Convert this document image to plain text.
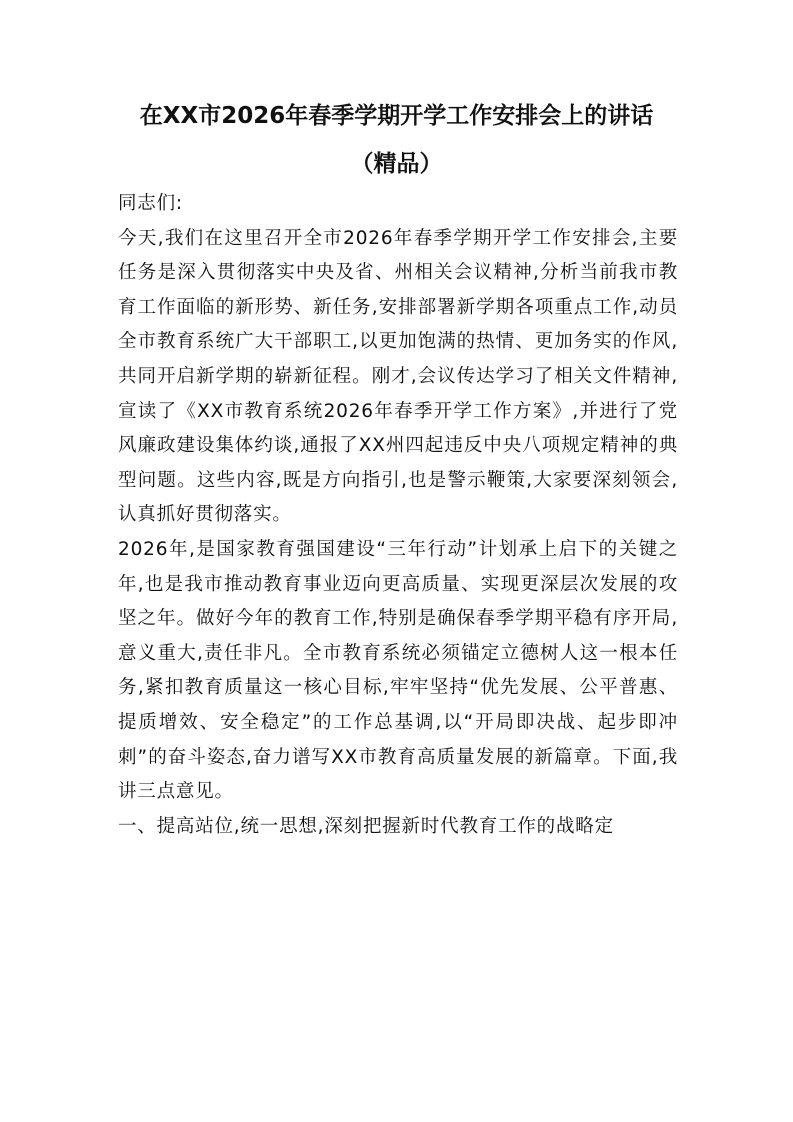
在XX市2026年春季学期开学工作安排会上的讲话
（精品）

同志们:

今天,我们在这里召开全市2026年春季学期开学工作安排会,主要任务是深入贯彻落实中央及省、州相关会议精神,分析当前我市教育工作面临的新形势、新任务,安排部署新学期各项重点工作,动员全市教育系统广大干部职工,以更加饱满的热情、更加务实的作风,共同开启新学期的崭新征程。刚才,会议传达学习了相关文件精神,宣读了《XX市教育系统2026年春季开学工作方案》,并进行了党风廉政建设集体约谈,通报了XX州四起违反中央八项规定精神的典型问题。这些内容,既是方向指引,也是警示鞭策,大家要深刻领会,认真抓好贯彻落实。

2026年,是国家教育强国建设“三年行动”计划承上启下的关键之年,也是我市推动教育事业迈向更高质量、实现更深层次发展的攻坚之年。做好今年的教育工作,特别是确保春季学期平稳有序开局,意义重大,责任非凡。全市教育系统必须锚定立德树人这一根本任务,紧扣教育质量这一核心目标,牢牢坚持“优先发展、公平普惠、提质增效、安全稳定”的工作总基调,以“开局即决战、起步即冲刺”的奋斗姿态,奋力谱写XX市教育高质量发展的新篇章。下面,我讲三点意见。

一、提高站位,统一思想,深刻把握新时代教育工作的战略定
